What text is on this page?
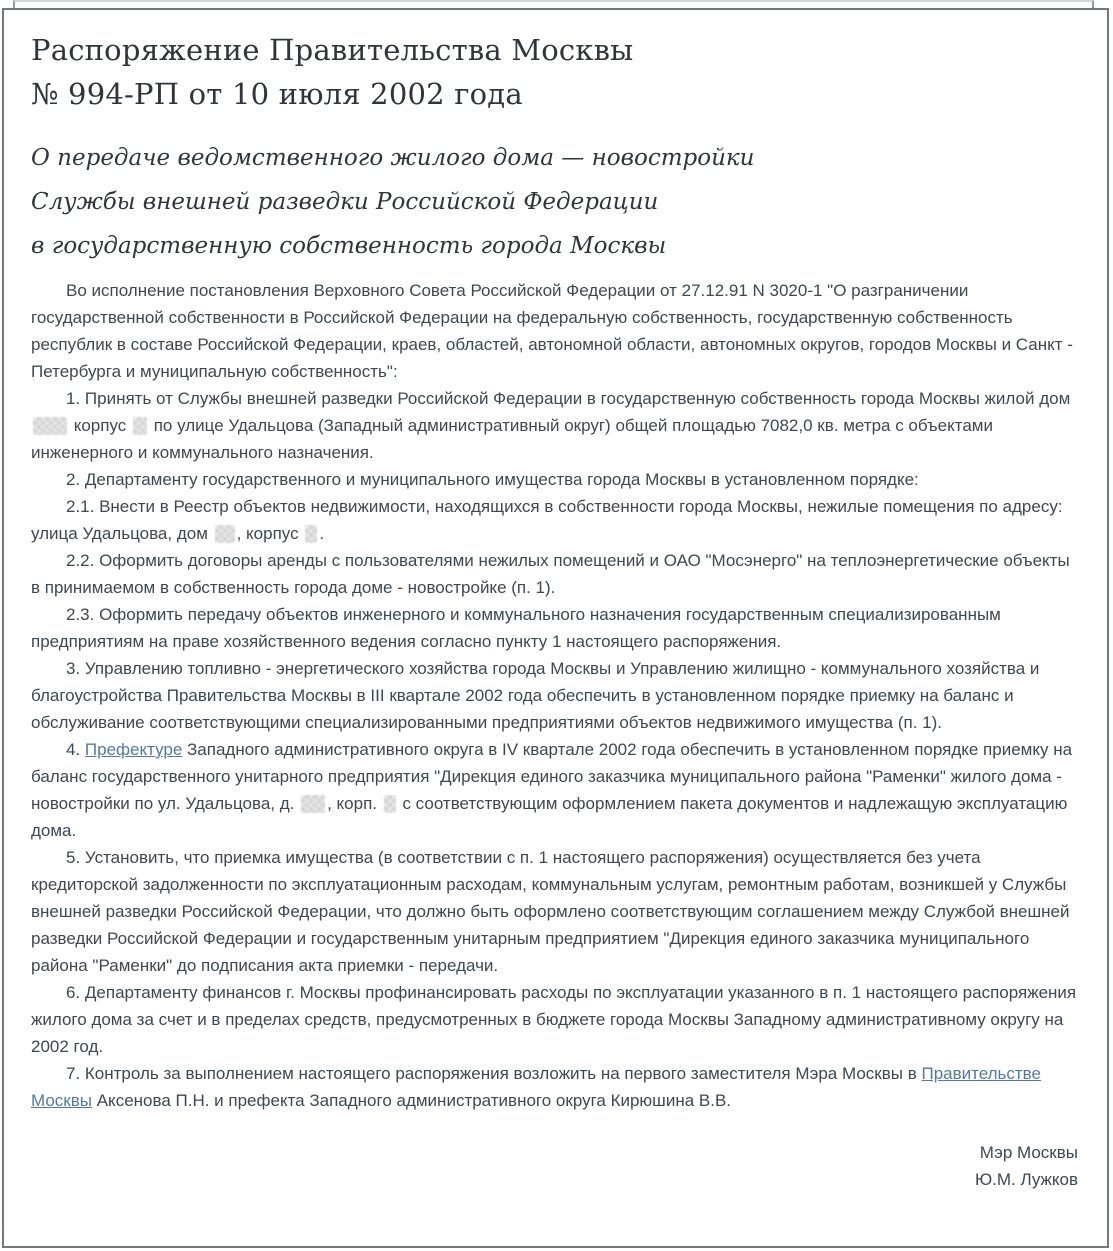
Распоряжение Правительства Москвы
№ 994-РП от 10 июля 2002 года
О передаче ведомственного жилого дома — новостройки
Службы внешней разведки Российской Федерации
в государственную собственность города Москвы

Во исполнение постановления Верховного Совета Российской Федерации от 27.12.91 N 3020-1 "О разграничении государственной собственности в Российской Федерации на федеральную собственность, государственную собственность республик в составе Российской Федерации, краев, областей, автономной области, автономных округов, городов Москвы и Санкт - Петербурга и муниципальную собственность":

1. Принять от Службы внешней разведки Российской Федерации в государственную собственность города Москвы жилой дом корпус  по улице Удальцова (Западный административный округ) общей площадью 7082,0 кв. метра с объектами инженерного и коммунального назначения.

2. Департаменту государственного и муниципального имущества города Москвы в установленном порядке:

2.1. Внести в Реестр объектов недвижимости, находящихся в собственности города Москвы, нежилые помещения по адресу: улица Удальцова, дом , корпус .

2.2. Оформить договоры аренды с пользователями нежилых помещений и ОАО "Мосэнерго" на теплоэнергетические объекты в принимаемом в собственность города доме - новостройке (п. 1).

2.3. Оформить передачу объектов инженерного и коммунального назначения государственным специализированным предприятиям на праве хозяйственного ведения согласно пункту 1 настоящего распоряжения.

3. Управлению топливно - энергетического хозяйства города Москвы и Управлению жилищно - коммунального хозяйства и благоустройства Правительства Москвы в III квартале 2002 года обеспечить в установленном порядке приемку на баланс и обслуживание соответствующими специализированными предприятиями объектов недвижимого имущества (п. 1).

4. Префектуре Западного административного округа в IV квартале 2002 года обеспечить в установленном порядке приемку на баланс государственного унитарного предприятия "Дирекция единого заказчика муниципального района "Раменки" жилого дома - новостройки по ул. Удальцова, д. , корп.  с соответствующим оформлением пакета документов и надлежащую эксплуатацию дома.

5. Установить, что приемка имущества (в соответствии с п. 1 настоящего распоряжения) осуществляется без учета кредиторской задолженности по эксплуатационным расходам, коммунальным услугам, ремонтным работам, возникшей у Службы внешней разведки Российской Федерации, что должно быть оформлено соответствующим соглашением между Службой внешней разведки Российской Федерации и государственным унитарным предприятием "Дирекция единого заказчика муниципального района "Раменки" до подписания акта приемки - передачи.

6. Департаменту финансов г. Москвы профинансировать расходы по эксплуатации указанного в п. 1 настоящего распоряжения жилого дома за счет и в пределах средств, предусмотренных в бюджете города Москвы Западному административному округу на 2002 год.

7. Контроль за выполнением настоящего распоряжения возложить на первого заместителя Мэра Москвы в Правительстве Москвы Аксенова П.Н. и префекта Западного административного округа Кирюшина В.В.

Мэр Москвы
Ю.М. Лужков
